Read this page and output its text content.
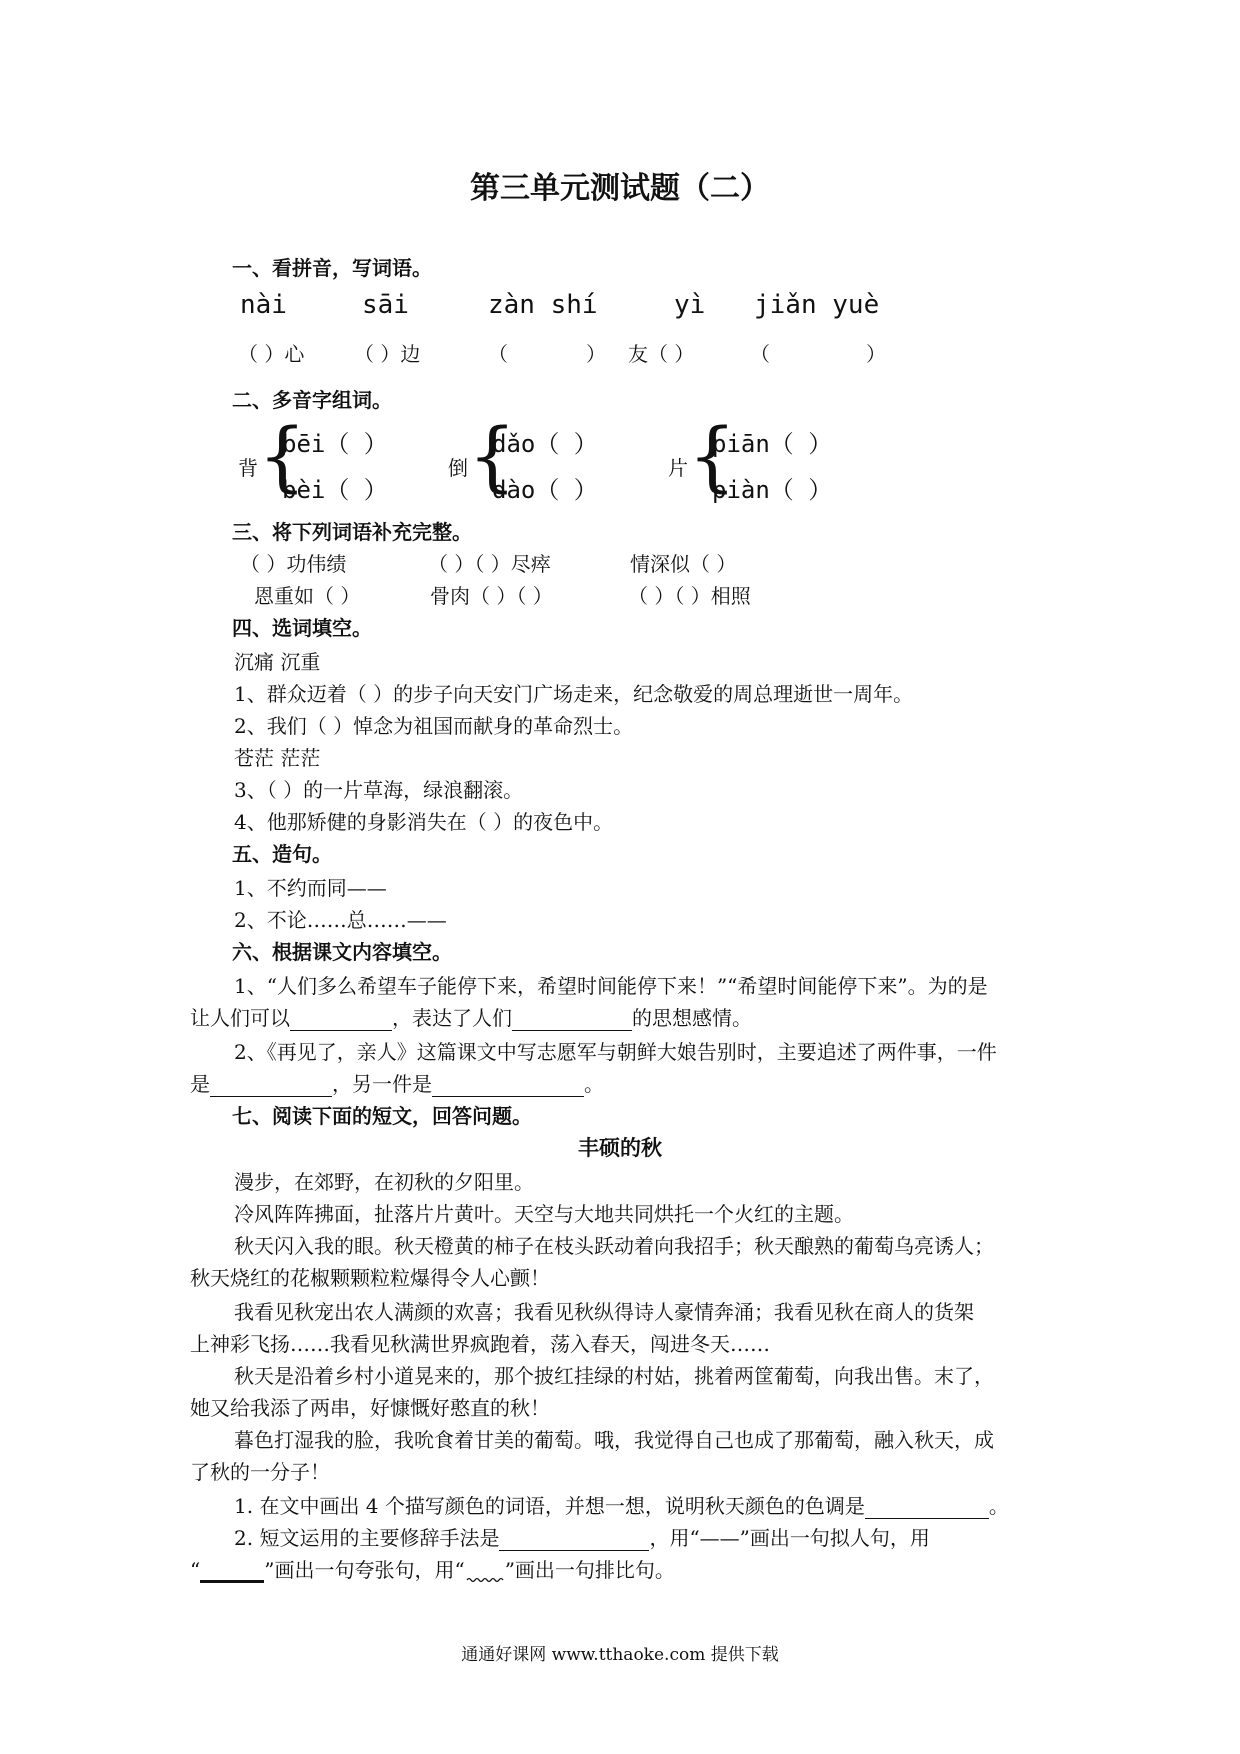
第三单元测试题（二）
一、看拼音，写词语。
nài	sāi	zàn shí	yì jiǎn yuè
（ ）心 （ ）边	（	） 友（ ）	（	）
二、多音字组词。
背 {
bēi（ ）
bèi（ ）
倒 {
dǎo（ ）
dào（ ）
片 {
piān（ ）
piàn（ ）
三、将下列词语补充完整。
（ ）功伟绩	（ ）（ ）尽瘁	情深似（ ）
恩重如（ ）	骨肉（ ）（ ）	（ ）（ ）相照
四、选词填空。
沉痛 沉重
1、群众迈着（ ）的步子向天安门广场走来，纪念敬爱的周总理逝世一周年。
2、我们（ ）悼念为祖国而献身的革命烈士。
苍茫 茫茫
3、（ ）的一片草海，绿浪翻滚。
4、他那矫健的身影消失在（ ）的夜色中。
五、造句。
1、不约而同——
2、不论……总……——
六、根据课文内容填空。
1、“人们多么希望车子能停下来，希望时间能停下来！”“希望时间能停下来”。为的是
让人们可以	，表达了人们	的思想感情。
2、《再见了，亲人》这篇课文中写志愿军与朝鲜大娘告别时，主要追述了两件事，一件
是	，另一件是	。
七、阅读下面的短文，回答问题。
丰硕的秋
漫步，在郊野，在初秋的夕阳里。
冷风阵阵拂面，扯落片片黄叶。天空与大地共同烘托一个火红的主题。
秋天闪入我的眼。秋天橙黄的柿子在枝头跃动着向我招手；秋天酿熟的葡萄乌亮诱人；
秋天烧红的花椒颗颗粒粒爆得令人心颤！
我看见秋宠出农人满颜的欢喜；我看见秋纵得诗人豪情奔涌；我看见秋在商人的货架
上神彩飞扬……我看见秋满世界疯跑着，荡入春天，闯进冬天……
秋天是沿着乡村小道晃来的，那个披红挂绿的村姑，挑着两筐葡萄，向我出售。末了，
她又给我添了两串，好慷慨好憨直的秋！
暮色打湿我的脸，我吮食着甘美的葡萄。哦，我觉得自己也成了那葡萄，融入秋天，成
了秋的一分子！
1. 在文中画出 4 个描写颜色的词语，并想一想，说明秋天颜色的色调是	。
2. 短文运用的主要修辞手法是	，用“——”画出一句拟人句，用
“	”画出一句夸张句，用“ ”画出一句排比句。
通通好课网 www.tthaoke.com 提供下载
